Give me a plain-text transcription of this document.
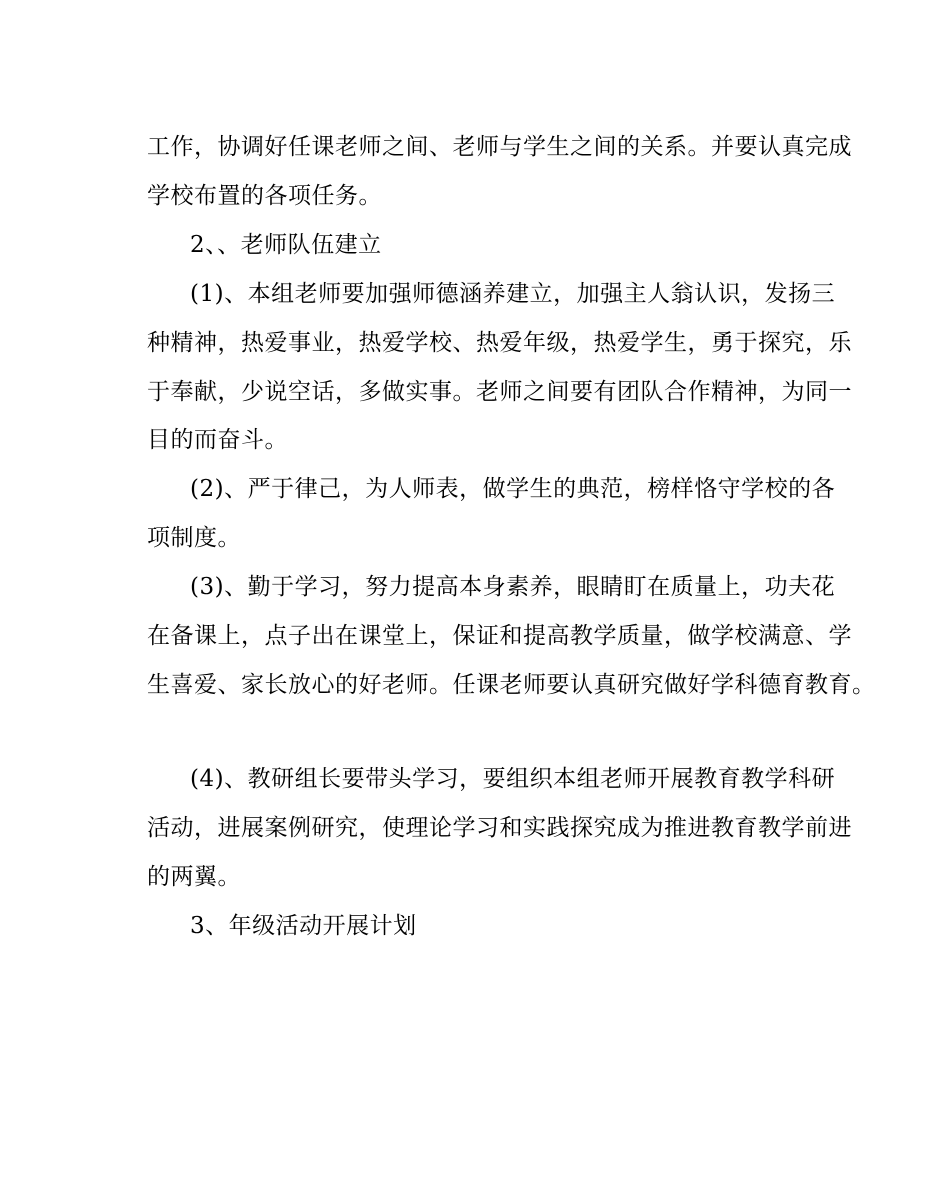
工作，协调好任课老师之间、老师与学生之间的关系。并要认真完成
学校布置的各项任务。
2、、老师队伍建立
(1)、本组老师要加强师德涵养建立，加强主人翁认识，发扬三
种精神，热爱事业，热爱学校、热爱年级，热爱学生，勇于探究，乐
于奉献，少说空话，多做实事。老师之间要有团队合作精神，为同一
目的而奋斗。
(2)、严于律己，为人师表，做学生的典范，榜样恪守学校的各
项制度。
(3)、勤于学习，努力提高本身素养，眼睛盯在质量上，功夫花
在备课上，点子出在课堂上，保证和提高教学质量，做学校满意、学
生喜爱、家长放心的好老师。任课老师要认真研究做好学科德育教育。
(4)、教研组长要带头学习，要组织本组老师开展教育教学科研
活动，进展案例研究，使理论学习和实践探究成为推进教育教学前进
的两翼。
3、年级活动开展计划
